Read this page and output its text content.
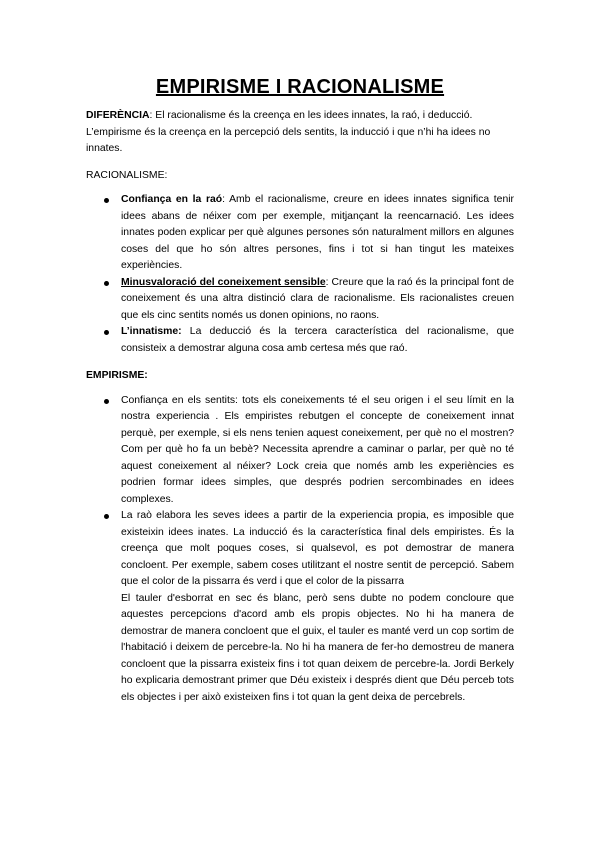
EMPIRISME I RACIONALISME

DIFERÈNCIA: El racionalisme és la creença en les idees innates, la raó, i deducció. L’empirisme és la creença en la percepció dels sentits, la inducció i que n’hi ha idees no innates.

RACIONALISME:

Confiança en la raó: Amb el racionalisme, creure en idees innates significa tenir idees abans de néixer com per exemple, mitjançant la reencarnació. Les idees innates poden explicar per què algunes persones són naturalment millors en algunes coses del que ho són altres persones, fins i tot si han tingut les mateixes experiències.
Minusvaloració del coneixement sensible: Creure que la raó és la principal font de coneixement és una altra distinció clara de racionalisme. Els racionalistes creuen que els cinc sentits només us donen opinions, no raons.
L’innatisme: La deducció és la tercera característica del racionalisme, que consisteix a demostrar alguna cosa amb certesa més que raó.

EMPIRISME:

Confiança en els sentits: tots els coneixements té el seu origen i el seu límit en la nostra experiencia . Els empiristes rebutgen el concepte de coneixement innat perquè, per exemple, si els nens tenien aquest coneixement, per què no el mostren? Com per què ho fa un bebè? Necessita aprendre a caminar o parlar, per què no té aquest coneixement al néixer? Lock creia que només amb les experiències es podrien formar idees simples, que després podrien sercombinades en idees complexes.
La raò elabora les seves idees a partir de la experiencia propia, es imposible que existeixin idees inates. La inducció és la característica final dels empiristes. És la creença que molt poques coses, si qualsevol, es pot demostrar de manera concloent. Per exemple, sabem coses utilitzant el nostre sentit de percepció. Sabem que el color de la pissarra és verd i que el color de la pissarra
El tauler d'esborrat en sec és blanc, però sens dubte no podem concloure que aquestes percepcions d'acord amb els propis objectes. No hi ha manera de demostrar de manera concloent que el guix, el tauler es manté verd un cop sortim de l'habitació i deixem de percebre-la. No hi ha manera de fer-ho demostreu de manera concloent que la pissarra existeix fins i tot quan deixem de percebre-la. Jordi Berkely ho explicaria demostrant primer que Déu existeix i després dient que Déu perceb tots els objectes i per això existeixen fins i tot quan la gent deixa de percebrels.
